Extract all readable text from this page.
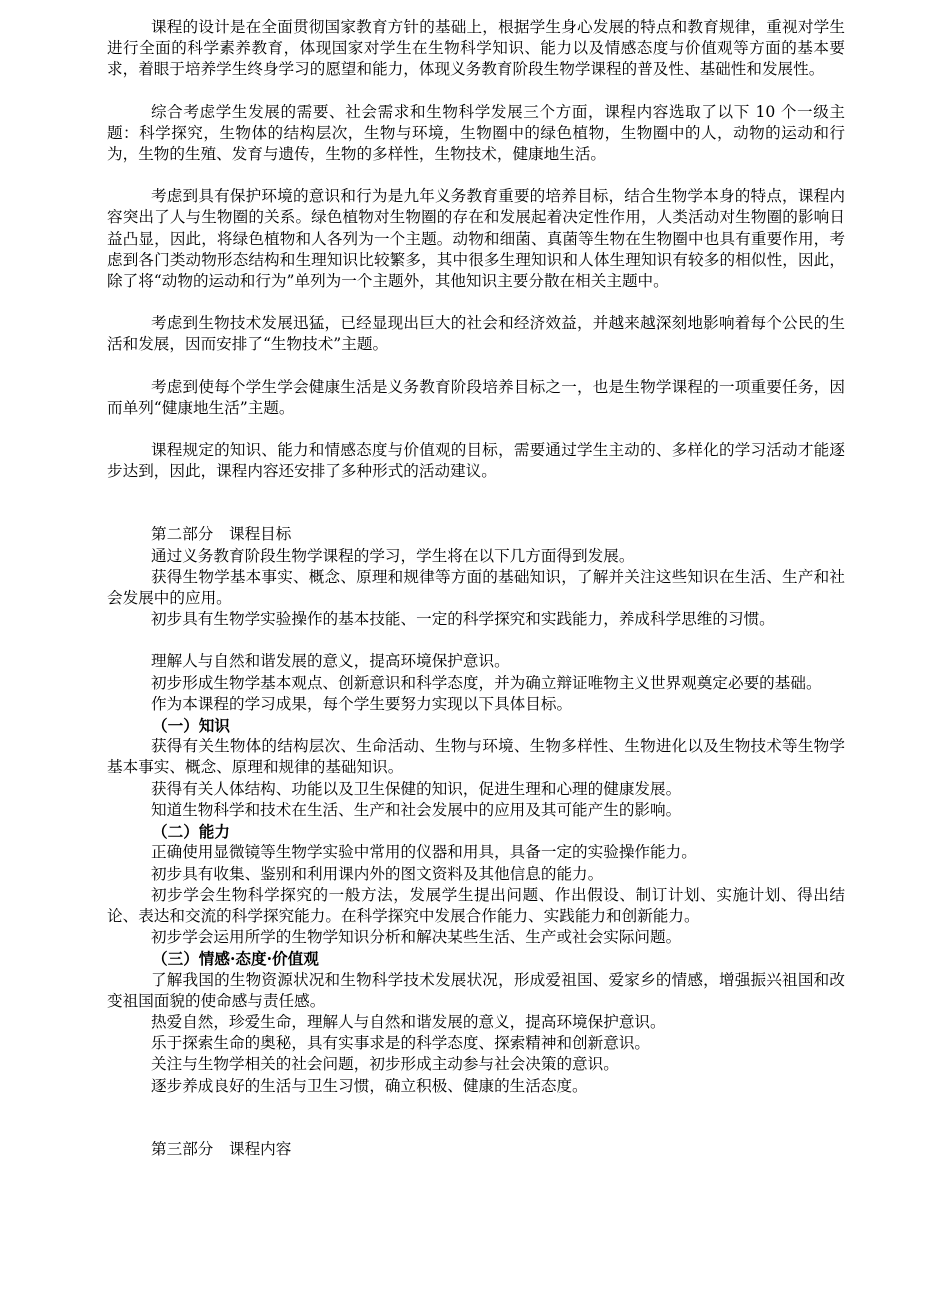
课程的设计是在全面贯彻国家教育方针的基础上，根据学生身心发展的特点和教育规律，重视对学生进行全面的科学素养教育，体现国家对学生在生物科学知识、能力以及情感态度与价值观等方面的基本要求，着眼于培养学生终身学习的愿望和能力，体现义务教育阶段生物学课程的普及性、基础性和发展性。

综合考虑学生发展的需要、社会需求和生物科学发展三个方面，课程内容选取了以下 10 个一级主题：科学探究，生物体的结构层次，生物与环境，生物圈中的绿色植物，生物圈中的人，动物的运动和行为，生物的生殖、发育与遗传，生物的多样性，生物技术，健康地生活。

考虑到具有保护环境的意识和行为是九年义务教育重要的培养目标，结合生物学本身的特点，课程内容突出了人与生物圈的关系。绿色植物对生物圈的存在和发展起着决定性作用，人类活动对生物圈的影响日益凸显，因此，将绿色植物和人各列为一个主题。动物和细菌、真菌等生物在生物圈中也具有重要作用，考虑到各门类动物形态结构和生理知识比较繁多，其中很多生理知识和人体生理知识有较多的相似性，因此，除了将“动物的运动和行为”单列为一个主题外，其他知识主要分散在相关主题中。

考虑到生物技术发展迅猛，已经显现出巨大的社会和经济效益，并越来越深刻地影响着每个公民的生活和发展，因而安排了“生物技术”主题。

考虑到使每个学生学会健康生活是义务教育阶段培养目标之一，也是生物学课程的一项重要任务，因而单列“健康地生活”主题。

课程规定的知识、能力和情感态度与价值观的目标，需要通过学生主动的、多样化的学习活动才能逐步达到，因此，课程内容还安排了多种形式的活动建议。

第二部分　课程目标

通过义务教育阶段生物学课程的学习，学生将在以下几方面得到发展。

获得生物学基本事实、概念、原理和规律等方面的基础知识，了解并关注这些知识在生活、生产和社会发展中的应用。

初步具有生物学实验操作的基本技能、一定的科学探究和实践能力，养成科学思维的习惯。

理解人与自然和谐发展的意义，提高环境保护意识。

初步形成生物学基本观点、创新意识和科学态度，并为确立辩证唯物主义世界观奠定必要的基础。

作为本课程的学习成果，每个学生要努力实现以下具体目标。

（一）知识

获得有关生物体的结构层次、生命活动、生物与环境、生物多样性、生物进化以及生物技术等生物学基本事实、概念、原理和规律的基础知识。

获得有关人体结构、功能以及卫生保健的知识，促进生理和心理的健康发展。

知道生物科学和技术在生活、生产和社会发展中的应用及其可能产生的影响。

（二）能力

正确使用显微镜等生物学实验中常用的仪器和用具，具备一定的实验操作能力。

初步具有收集、鉴别和利用课内外的图文资料及其他信息的能力。

初步学会生物科学探究的一般方法，发展学生提出问题、作出假设、制订计划、实施计划、得出结论、表达和交流的科学探究能力。在科学探究中发展合作能力、实践能力和创新能力。

初步学会运用所学的生物学知识分析和解决某些生活、生产或社会实际问题。

（三）情感·态度·价值观

了解我国的生物资源状况和生物科学技术发展状况，形成爱祖国、爱家乡的情感，增强振兴祖国和改变祖国面貌的使命感与责任感。

热爱自然，珍爱生命，理解人与自然和谐发展的意义，提高环境保护意识。

乐于探索生命的奥秘，具有实事求是的科学态度、探索精神和创新意识。

关注与生物学相关的社会问题，初步形成主动参与社会决策的意识。

逐步养成良好的生活与卫生习惯，确立积极、健康的生活态度。

第三部分　课程内容
